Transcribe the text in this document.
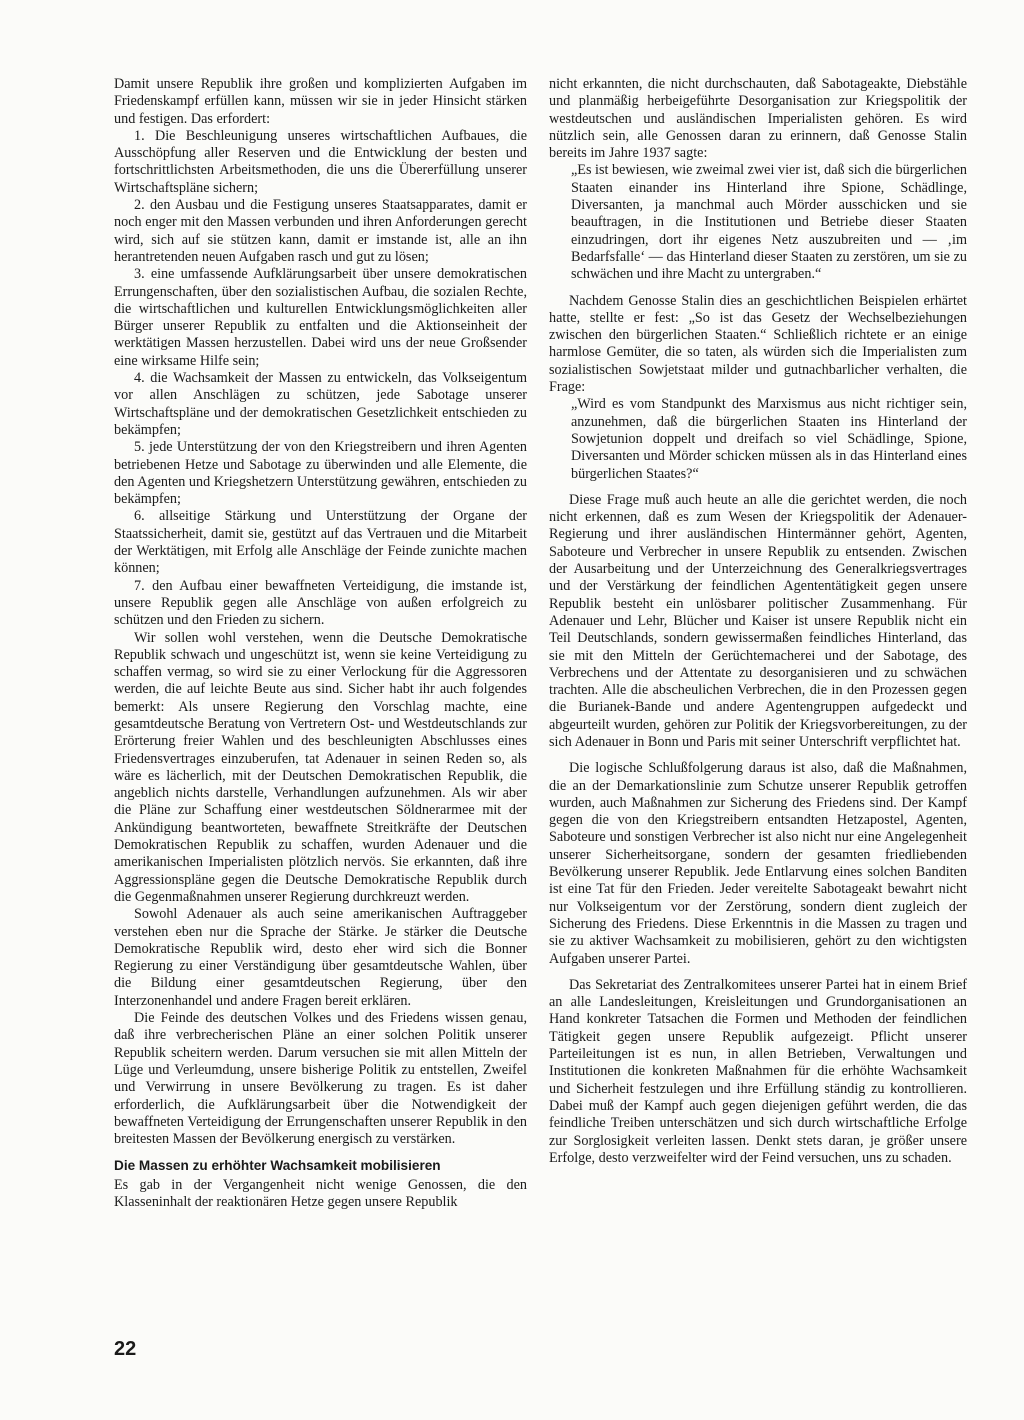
Damit unsere Republik ihre großen und komplizierten Aufgaben im Friedenskampf erfüllen kann, müssen wir sie in jeder Hinsicht stärken und festigen. Das erfordert:

1. Die Beschleunigung unseres wirtschaftlichen Aufbaues, die Ausschöpfung aller Reserven und die Entwicklung der besten und fortschrittlichsten Arbeitsmethoden, die uns die Übererfüllung unserer Wirtschaftspläne sichern;

2. den Ausbau und die Festigung unseres Staatsapparates, damit er noch enger mit den Massen verbunden und ihren Anforderungen gerecht wird, sich auf sie stützen kann, damit er imstande ist, alle an ihn herantretenden neuen Aufgaben rasch und gut zu lösen;

3. eine umfassende Aufklärungsarbeit über unsere demokratischen Errungenschaften, über den sozialistischen Aufbau, die sozialen Rechte, die wirtschaftlichen und kulturellen Entwicklungsmöglichkeiten aller Bürger unserer Republik zu entfalten und die Aktionseinheit der werktätigen Massen herzustellen. Dabei wird uns der neue Großsender eine wirksame Hilfe sein;

4. die Wachsamkeit der Massen zu entwickeln, das Volkseigentum vor allen Anschlägen zu schützen, jede Sabotage unserer Wirtschaftspläne und der demokratischen Gesetzlichkeit entschieden zu bekämpfen;

5. jede Unterstützung der von den Kriegstreibern und ihren Agenten betriebenen Hetze und Sabotage zu überwinden und alle Elemente, die den Agenten und Kriegshetzern Unterstützung gewähren, entschieden zu bekämpfen;

6. allseitige Stärkung und Unterstützung der Organe der Staatssicherheit, damit sie, gestützt auf das Vertrauen und die Mitarbeit der Werktätigen, mit Erfolg alle Anschläge der Feinde zunichte machen können;

7. den Aufbau einer bewaffneten Verteidigung, die imstande ist, unsere Republik gegen alle Anschläge von außen erfolgreich zu schützen und den Frieden zu sichern.

Wir sollen wohl verstehen, wenn die Deutsche Demokratische Republik schwach und ungeschützt ist, wenn sie keine Verteidigung zu schaffen vermag, so wird sie zu einer Verlockung für die Aggressoren werden, die auf leichte Beute aus sind. Sicher habt ihr auch folgendes bemerkt: Als unsere Regierung den Vorschlag machte, eine gesamtdeutsche Beratung von Vertretern Ost- und Westdeutschlands zur Erörterung freier Wahlen und des beschleunigten Abschlusses eines Friedensvertrages einzuberufen, tat Adenauer in seinen Reden so, als wäre es lächerlich, mit der Deutschen Demokratischen Republik, die angeblich nichts darstelle, Verhandlungen aufzunehmen. Als wir aber die Pläne zur Schaffung einer westdeutschen Söldnerarmee mit der Ankündigung beantworteten, bewaffnete Streitkräfte der Deutschen Demokratischen Republik zu schaffen, wurden Adenauer und die amerikanischen Imperialisten plötzlich nervös. Sie erkannten, daß ihre Aggressionspläne gegen die Deutsche Demokratische Republik durch die Gegenmaßnahmen unserer Regierung durchkreuzt werden.

Sowohl Adenauer als auch seine amerikanischen Auftraggeber verstehen eben nur die Sprache der Stärke. Je stärker die Deutsche Demokratische Republik wird, desto eher wird sich die Bonner Regierung zu einer Verständigung über gesamtdeutsche Wahlen, über die Bildung einer gesamtdeutschen Regierung, über den Interzonenhandel und andere Fragen bereit erklären.

Die Feinde des deutschen Volkes und des Friedens wissen genau, daß ihre verbrecherischen Pläne an einer solchen Politik unserer Republik scheitern werden. Darum versuchen sie mit allen Mitteln der Lüge und Verleumdung, unsere bisherige Politik zu entstellen, Zweifel und Verwirrung in unsere Bevölkerung zu tragen. Es ist daher erforderlich, die Aufklärungsarbeit über die Notwendigkeit der bewaffneten Verteidigung der Errungenschaften unserer Republik in den breitesten Massen der Bevölkerung energisch zu verstärken.

Die Massen zu erhöhter Wachsamkeit mobilisieren

Es gab in der Vergangenheit nicht wenige Genossen, die den Klasseninhalt der reaktionären Hetze gegen unsere Republik

nicht erkannten, die nicht durchschauten, daß Sabotageakte, Diebstähle und planmäßig herbeigeführte Desorganisation zur Kriegspolitik der westdeutschen und ausländischen Imperialisten gehören. Es wird nützlich sein, alle Genossen daran zu erinnern, daß Genosse Stalin bereits im Jahre 1937 sagte:

„Es ist bewiesen, wie zweimal zwei vier ist, daß sich die bürgerlichen Staaten einander ins Hinterland ihre Spione, Schädlinge, Diversanten, ja manchmal auch Mörder ausschicken und sie beauftragen, in die Institutionen und Betriebe dieser Staaten einzudringen, dort ihr eigenes Netz auszubreiten und — ‚im Bedarfsfalle‘ — das Hinterland dieser Staaten zu zerstören, um sie zu schwächen und ihre Macht zu untergraben.“

Nachdem Genosse Stalin dies an geschichtlichen Beispielen erhärtet hatte, stellte er fest: „So ist das Gesetz der Wechselbeziehungen zwischen den bürgerlichen Staaten.“ Schließlich richtete er an einige harmlose Gemüter, die so taten, als würden sich die Imperialisten zum sozialistischen Sowjetstaat milder und gutnachbarlicher verhalten, die Frage:

„Wird es vom Standpunkt des Marxismus aus nicht richtiger sein, anzunehmen, daß die bürgerlichen Staaten ins Hinterland der Sowjetunion doppelt und dreifach so viel Schädlinge, Spione, Diversanten und Mörder schicken müssen als in das Hinterland eines bürgerlichen Staates?“

Diese Frage muß auch heute an alle die gerichtet werden, die noch nicht erkennen, daß es zum Wesen der Kriegspolitik der Adenauer-Regierung und ihrer ausländischen Hintermänner gehört, Agenten, Saboteure und Verbrecher in unsere Republik zu entsenden. Zwischen der Ausarbeitung und der Unterzeichnung des Generalkriegsvertrages und der Verstärkung der feindlichen Agententätigkeit gegen unsere Republik besteht ein unlösbarer politischer Zusammenhang. Für Adenauer und Lehr, Blücher und Kaiser ist unsere Republik nicht ein Teil Deutschlands, sondern gewissermaßen feindliches Hinterland, das sie mit den Mitteln der Gerüchtemacherei und der Sabotage, des Verbrechens und der Attentate zu desorganisieren und zu schwächen trachten. Alle die abscheulichen Verbrechen, die in den Prozessen gegen die Burianek-Bande und andere Agentengruppen aufgedeckt und abgeurteilt wurden, gehören zur Politik der Kriegsvorbereitungen, zu der sich Adenauer in Bonn und Paris mit seiner Unterschrift verpflichtet hat.

Die logische Schlußfolgerung daraus ist also, daß die Maßnahmen, die an der Demarkationslinie zum Schutze unserer Republik getroffen wurden, auch Maßnahmen zur Sicherung des Friedens sind. Der Kampf gegen die von den Kriegstreibern entsandten Hetzapostel, Agenten, Saboteure und sonstigen Verbrecher ist also nicht nur eine Angelegenheit unserer Sicherheitsorgane, sondern der gesamten friedliebenden Bevölkerung unserer Republik. Jede Entlarvung eines solchen Banditen ist eine Tat für den Frieden. Jeder vereitelte Sabotageakt bewahrt nicht nur Volkseigentum vor der Zerstörung, sondern dient zugleich der Sicherung des Friedens. Diese Erkenntnis in die Massen zu tragen und sie zu aktiver Wachsamkeit zu mobilisieren, gehört zu den wichtigsten Aufgaben unserer Partei.

Das Sekretariat des Zentralkomitees unserer Partei hat in einem Brief an alle Landesleitungen, Kreisleitungen und Grundorganisationen an Hand konkreter Tatsachen die Formen und Methoden der feindlichen Tätigkeit gegen unsere Republik aufgezeigt. Pflicht unserer Parteileitungen ist es nun, in allen Betrieben, Verwaltungen und Institutionen die konkreten Maßnahmen für die erhöhte Wachsamkeit und Sicherheit festzulegen und ihre Erfüllung ständig zu kontrollieren. Dabei muß der Kampf auch gegen diejenigen geführt werden, die das feindliche Treiben unterschätzen und sich durch wirtschaftliche Erfolge zur Sorglosigkeit verleiten lassen. Denkt stets daran, je größer unsere Erfolge, desto verzweifelter wird der Feind versuchen, uns zu schaden.

22
